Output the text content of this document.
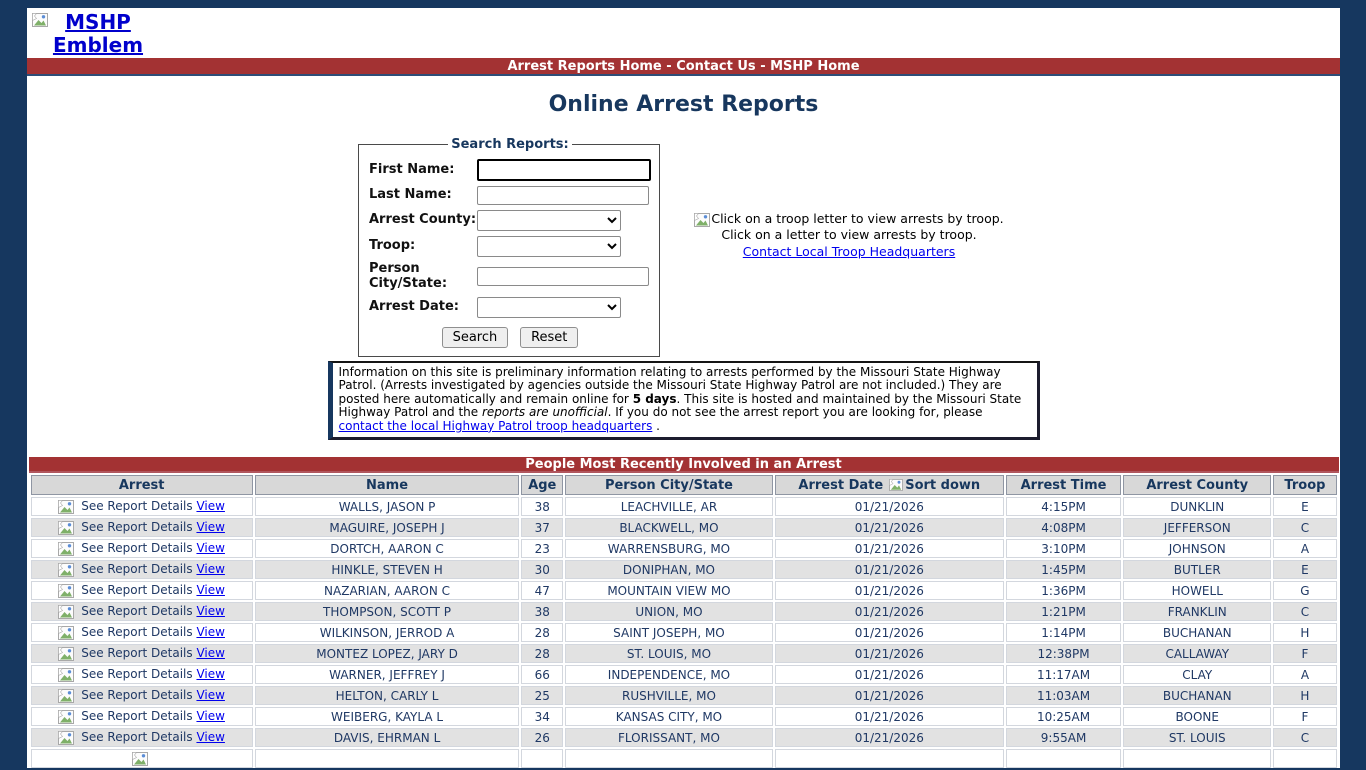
MSHP Emblem
Arrest Reports Home - Contact Us - MSHP Home
Online Arrest Reports
Search Reports:
First Name:
Last Name:
Arrest County:
Troop:
Person City/State:
Arrest Date:
Search	Reset
Click on a troop letter to view arrests by troop.
Click on a letter to view arrests by troop.
Contact Local Troop Headquarters
Information on this site is preliminary information relating to arrests performed by the Missouri State Highway Patrol. (Arrests investigated by agencies outside the Missouri State Highway Patrol are not included.) They are posted here automatically and remain online for 5 days. This site is hosted and maintained by the Missouri State Highway Patrol and the reports are unofficial. If you do not see the arrest report you are looking for, please contact the local Highway Patrol troop headquarters .
People Most Recently Involved in an Arrest
Arrest	Name	Age	Person City/State	Arrest Date Sort down	Arrest Time	Arrest County	Troop
See Report Details View	WALLS, JASON P	38	LEACHVILLE, AR	01/21/2026	4:15PM	DUNKLIN	E
See Report Details View	MAGUIRE, JOSEPH J	37	BLACKWELL, MO	01/21/2026	4:08PM	JEFFERSON	C
See Report Details View	DORTCH, AARON C	23	WARRENSBURG, MO	01/21/2026	3:10PM	JOHNSON	A
See Report Details View	HINKLE, STEVEN H	30	DONIPHAN, MO	01/21/2026	1:45PM	BUTLER	E
See Report Details View	NAZARIAN, AARON C	47	MOUNTAIN VIEW MO	01/21/2026	1:36PM	HOWELL	G
See Report Details View	THOMPSON, SCOTT P	38	UNION, MO	01/21/2026	1:21PM	FRANKLIN	C
See Report Details View	WILKINSON, JERROD A	28	SAINT JOSEPH, MO	01/21/2026	1:14PM	BUCHANAN	H
See Report Details View	MONTEZ LOPEZ, JARY D	28	ST. LOUIS, MO	01/21/2026	12:38PM	CALLAWAY	F
See Report Details View	WARNER, JEFFREY J	66	INDEPENDENCE, MO	01/21/2026	11:17AM	CLAY	A
See Report Details View	HELTON, CARLY L	25	RUSHVILLE, MO	01/21/2026	11:03AM	BUCHANAN	H
See Report Details View	WEIBERG, KAYLA L	34	KANSAS CITY, MO	01/21/2026	10:25AM	BOONE	F
See Report Details View	DAVIS, EHRMAN L	26	FLORISSANT, MO	01/21/2026	9:55AM	ST. LOUIS	C
